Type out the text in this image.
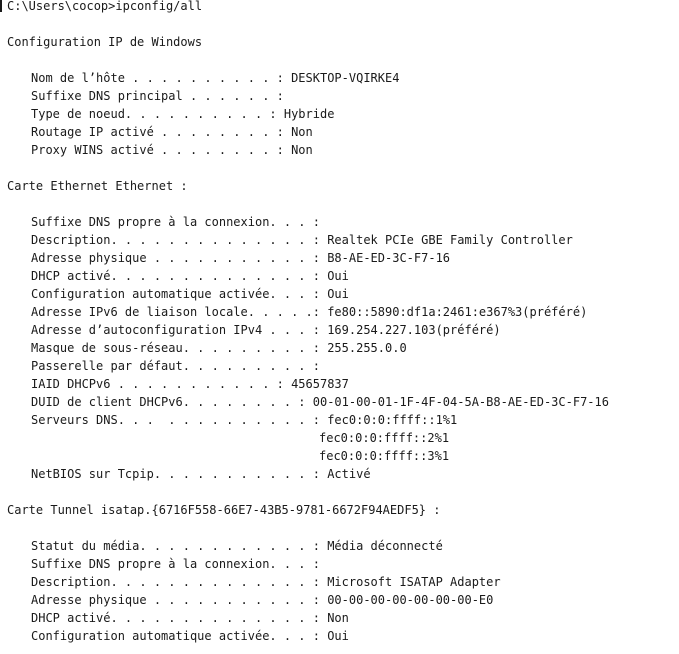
C:\Users\cocop>ipconfig/all
Configuration IP de Windows
Nom de l’hôte . . . . . . . . . . : DESKTOP-VQIRKE4
Suffixe DNS principal . . . . . . :
Type de noeud. . . . . . . . . . : Hybride
Routage IP activé . . . . . . . . : Non
Proxy WINS activé . . . . . . . . : Non
Carte Ethernet Ethernet :
Suffixe DNS propre à la connexion. . . :
Description. . . . . . . . . . . . . . : Realtek PCIe GBE Family Controller
Adresse physique . . . . . . . . . . . : B8-AE-ED-3C-F7-16
DHCP activé. . . . . . . . . . . . . . : Oui
Configuration automatique activée. . . : Oui
Adresse IPv6 de liaison locale. . . . .: fe80::5890:df1a:2461:e367%3(préféré)
Adresse d’autoconfiguration IPv4 . . . : 169.254.227.103(préféré)
Masque de sous-réseau. . . . . . . . . : 255.255.0.0
Passerelle par défaut. . . . . . . . . :
IAID DHCPv6 . . . . . . . . . . . : 45657837
DUID de client DHCPv6. . . . . . . . : 00-01-00-01-1F-4F-04-5A-B8-AE-ED-3C-F7-16
Serveurs DNS. . .  . . . . . . . . . . : fec0:0:0:ffff::1%1
fec0:0:0:ffff::2%1
fec0:0:0:ffff::3%1
NetBIOS sur Tcpip. . . . . . . . . . . : Activé
Carte Tunnel isatap.{6716F558-66E7-43B5-9781-6672F94AEDF5} :
Statut du média. . . . . . . . . . . . : Média déconnecté
Suffixe DNS propre à la connexion. . . :
Description. . . . . . . . . . . . . . : Microsoft ISATAP Adapter
Adresse physique . . . . . . . . . . . : 00-00-00-00-00-00-00-E0
DHCP activé. . . . . . . . . . . . . . : Non
Configuration automatique activée. . . : Oui
